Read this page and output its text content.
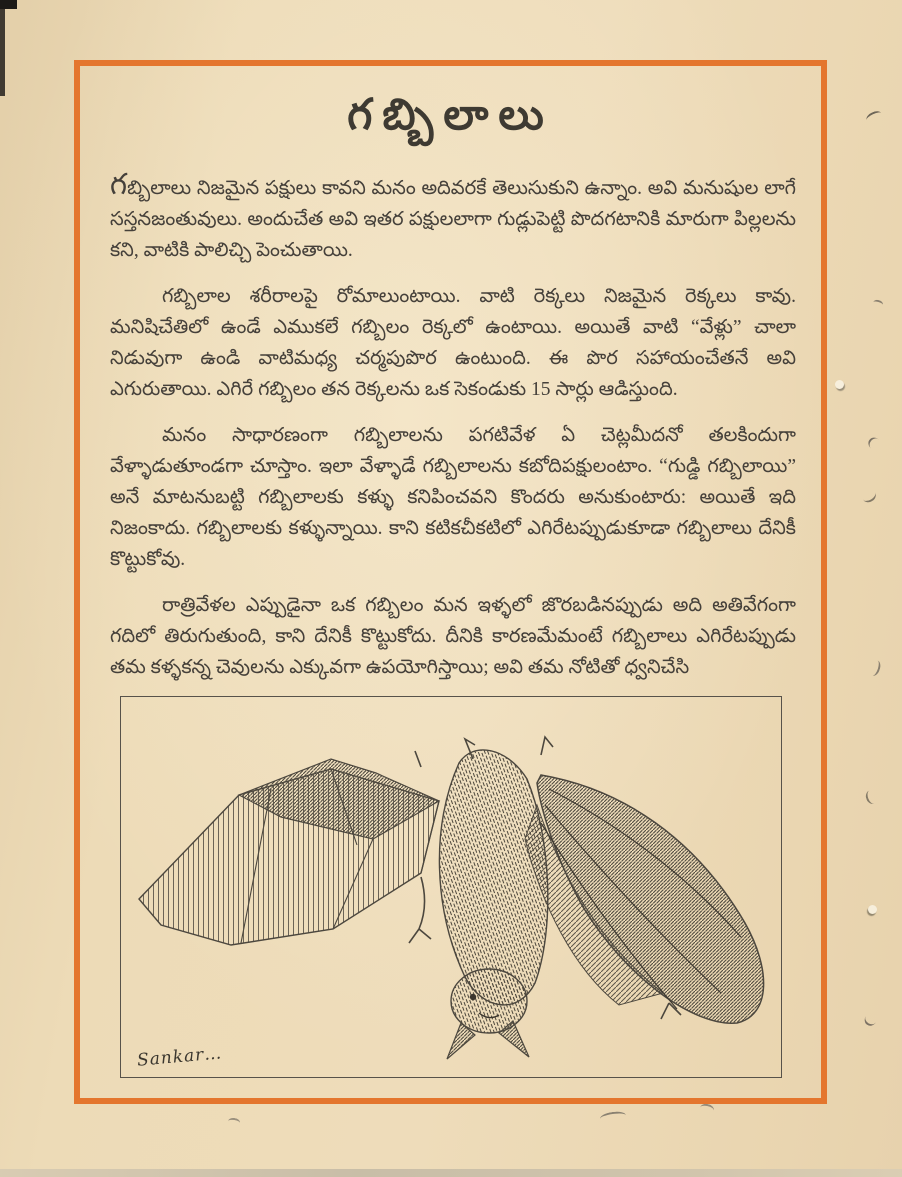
గబ్బిలాలు

గబ్బిలాలు నిజమైన పక్షులు కావని మనం అదివరకే తెలుసుకుని ఉన్నాం. అవి మనుషుల లాగే సస్తనజంతువులు. అందుచేత అవి ఇతర పక్షులలాగా గుడ్లుపెట్టి పొదగటానికి మారుగా పిల్లలను కని, వాటికి పాలిచ్చి పెంచుతాయి.

గబ్బిలాల శరీరాలపై రోమాలుంటాయి. వాటి రెక్కలు నిజమైన రెక్కలు కావు. మనిషిచేతిలో ఉండే ఎముకలే గబ్బిలం రెక్కలో ఉంటాయి. అయితే వాటి “వేళ్లు” చాలా నిడువుగా ఉండి వాటిమధ్య చర్మపుపొర ఉంటుంది. ఈ పొర సహాయంచేతనే అవి ఎగురుతాయి. ఎగిరే గబ్బిలం తన రెక్కలను ఒక సెకండుకు 15 సార్లు ఆడిస్తుంది.

మనం సాధారణంగా గబ్బిలాలను పగటివేళ ఏ చెట్లమీదనో తలకిందుగా వేళ్ళాడుతూండగా చూస్తాం. ఇలా వేళ్ళాడే గబ్బిలాలను కబోదిపక్షులంటాం. “గుడ్డి గబ్బిలాయి” అనే మాటనుబట్టి గబ్బిలాలకు కళ్ళు కనిపించవని కొందరు అనుకుంటారు: అయితే ఇది నిజంకాదు. గబ్బిలాలకు కళ్ళున్నాయి. కాని కటికచీకటిలో ఎగిరేటప్పుడుకూడా గబ్బిలాలు దేనికీ కొట్టుకోవు.

రాత్రివేళల ఎప్పుడైనా ఒక గబ్బిలం మన ఇళ్ళలో జొరబడినప్పుడు అది అతివేగంగా గదిలో తిరుగుతుంది, కాని దేనికీ కొట్టుకోదు. దీనికి కారణమేమంటే గబ్బిలాలు ఎగిరేటప్పుడు తమ కళ్ళకన్న చెవులను ఎక్కువగా ఉపయోగిస్తాయి; అవి తమ నోటితో ధ్వనిచేసి

Sankar…
